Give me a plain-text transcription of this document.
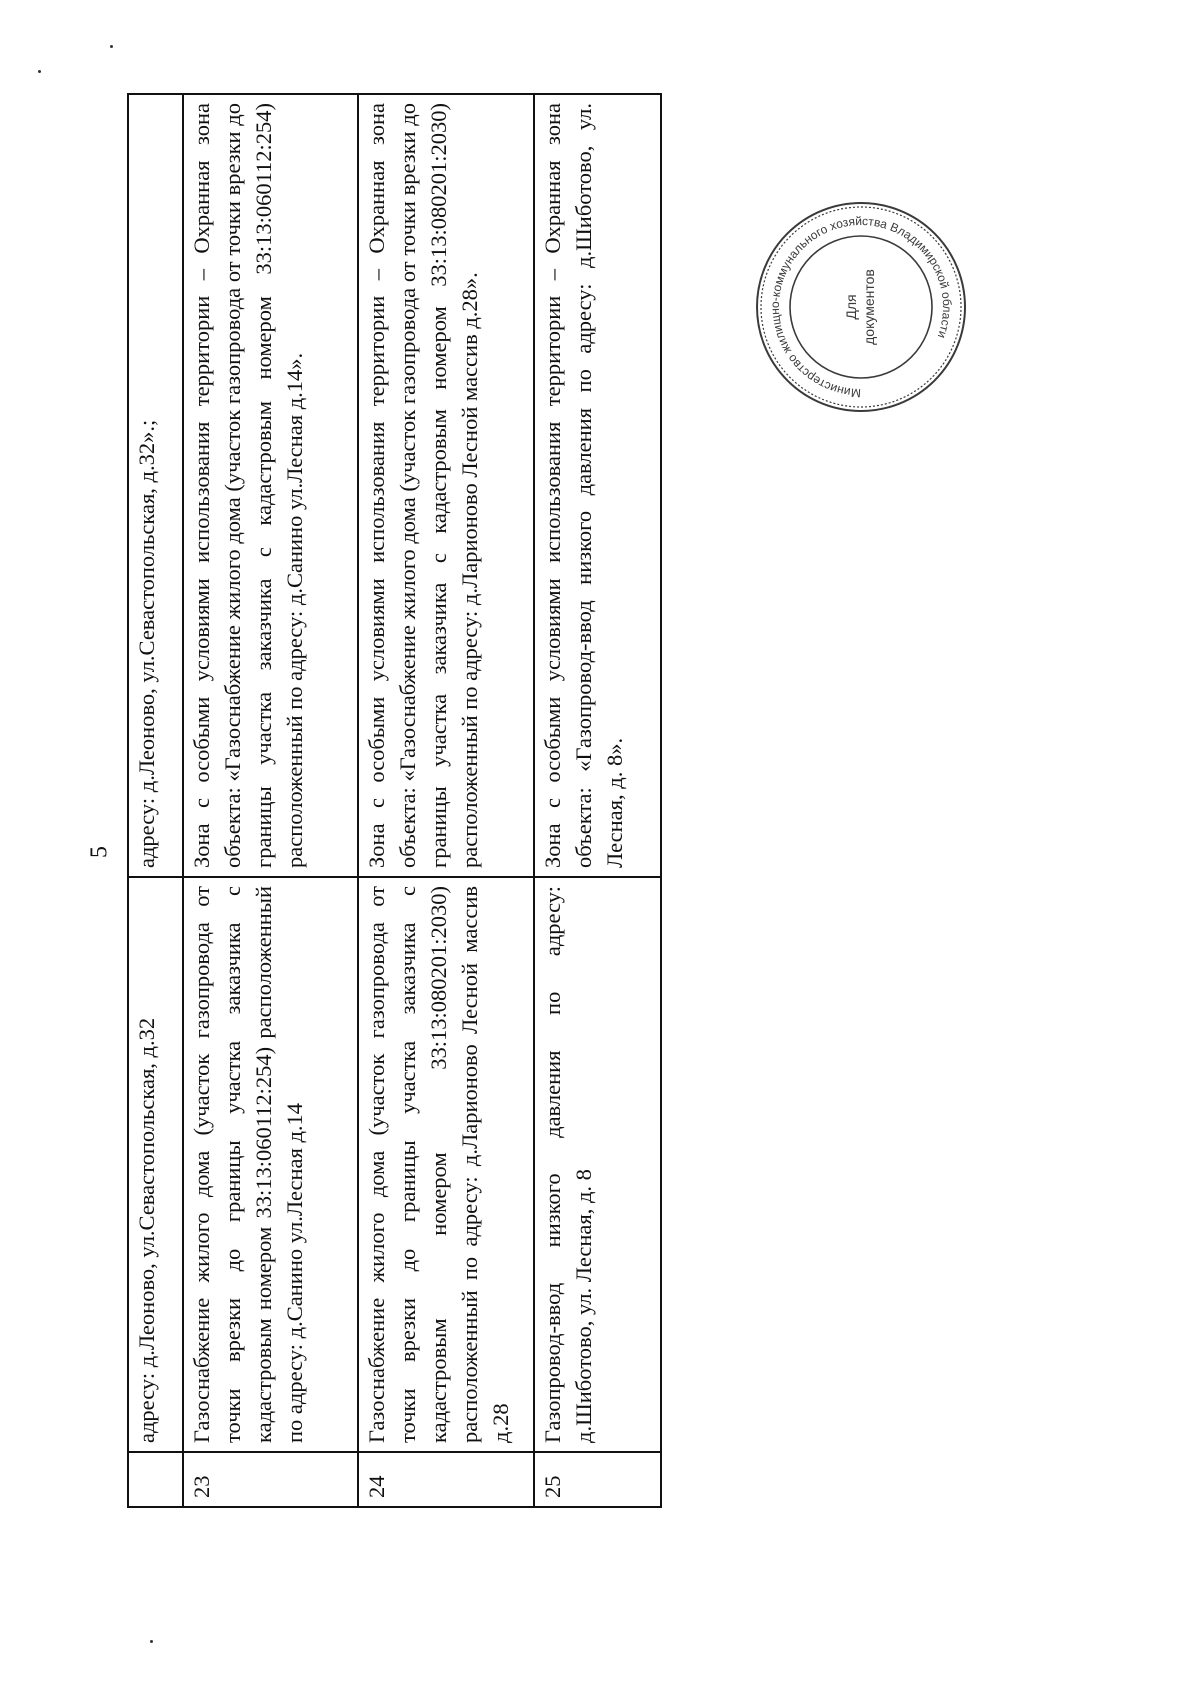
5
	адресу: д.Леоново, ул.Севастопольская, д.32	адресу: д.Леоново, ул.Севастопольская, д.32».;
23	Газоснабжение жилого дома (участок газопровода от точки врезки до границы участка заказчика с кадастровым номером 33:13:060112:254) расположенный по адресу: д.Санино ул.Лесная д.14	Зона с особыми условиями использования территории – Охранная зона объекта: «Газоснабжение жилого дома (участок газопровода от точки врезки до границы участка заказчика с кадастровым номером 33:13:060112:254) расположенный по адресу: д.Санино ул.Лесная д.14».
24	Газоснабжение жилого дома (участок газопровода от точки врезки до границы участка заказчика с кадастровым номером 33:13:080201:2030) расположенный по адресу: д.Ларионово Лесной массив д.28	Зона с особыми условиями использования территории – Охранная зона объекта: «Газоснабжение жилого дома (участок газопровода от точки врезки до границы участка заказчика с кадастровым номером 33:13:080201:2030) расположенный по адресу: д.Ларионово Лесной массив д.28».
25	Газопровод-ввод низкого давления по адресу: д.Шиботово, ул. Лесная, д. 8	Зона с особыми условиями использования территории – Охранная зона объекта: «Газопровод-ввод низкого давления по адресу: д.Шиботово, ул. Лесная, д. 8».
Министерство жилищно-коммунального хозяйства Владимирской области
Для документов
